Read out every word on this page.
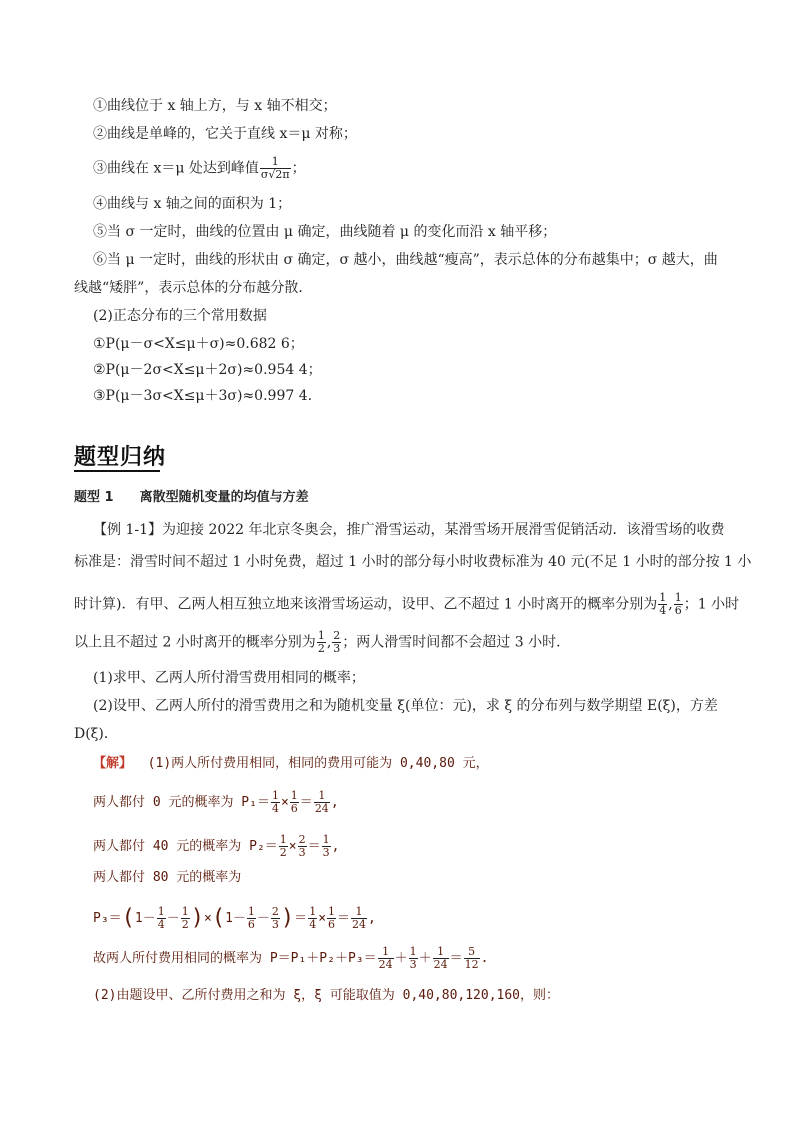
①曲线位于 x 轴上方，与 x 轴不相交；
②曲线是单峰的，它关于直线 x＝μ 对称；
③曲线在 x＝μ 处达到峰值 $\frac{1}{\sigma√2\pi}$ ；
④曲线与 x 轴之间的面积为 1；
⑤当 σ 一定时，曲线的位置由 μ 确定，曲线随着 μ 的变化而沿 x 轴平移；
⑥当 μ 一定时，曲线的形状由 σ 确定，σ 越小，曲线越“瘦高”，表示总体的分布越集中；σ 越大，曲
线越“矮胖”，表示总体的分布越分散．
(2)正态分布的三个常用数据
①P(μ－σ<X≤μ＋σ)≈0.682 6；
②P(μ－2σ<X≤μ＋2σ)≈0.954 4；
③P(μ－3σ<X≤μ＋3σ)≈0.997 4.
题型归纳
题型 1 离散型随机变量的均值与方差
【例 1-1】为迎接 2022 年北京冬奥会，推广滑雪运动，某滑雪场开展滑雪促销活动．该滑雪场的收费
标准是：滑雪时间不超过 1 小时免费，超过 1 小时的部分每小时收费标准为 40 元(不足 1 小时的部分按 1 小
时计算)．有甲、乙两人相互独立地来该滑雪场运动，设甲、乙不超过 1 小时离开的概率分别为 $\frac{1}{4}$ , $\frac{1}{6}$ ；1 小时
以上且不超过 2 小时离开的概率分别为 $\frac{1}{2}$ , $\frac{2}{3}$ ；两人滑雪时间都不会超过 3 小时．
(1)求甲、乙两人所付滑雪费用相同的概率；
(2)设甲、乙两人所付的滑雪费用之和为随机变量 ξ(单位：元)，求 ξ 的分布列与数学期望 E(ξ)，方差
D(ξ)．
【解】 (1)两人所付费用相同，相同的费用可能为 0,40,80 元，
两人都付 0 元的概率为 $P_1= \frac{1}{4} \times \frac{1}{6} = \frac{1}{24}$ ,
两人都付 40 元的概率为 $P_2= \frac{1}{2} \times \frac{2}{3} = \frac{1}{3}$ ,
两人都付 80 元的概率为
$P_3=(1- \frac{1}{4} - \frac{1}{2} )\times(1- \frac{1}{6} - \frac{2}{3}$ )＝ $\frac{1}{4} \times \frac{1}{6} = \frac{1}{24}$ ,
故两人所付费用相同的概率为 $P=P_1+P_2+P_3= \frac{1}{24} + \frac{1}{3} + \frac{1}{24} = \frac{5}{12}$ .
(2)由题设甲、乙所付费用之和为 ξ，ξ 可能取值为 0,40,80,120,160，则：
